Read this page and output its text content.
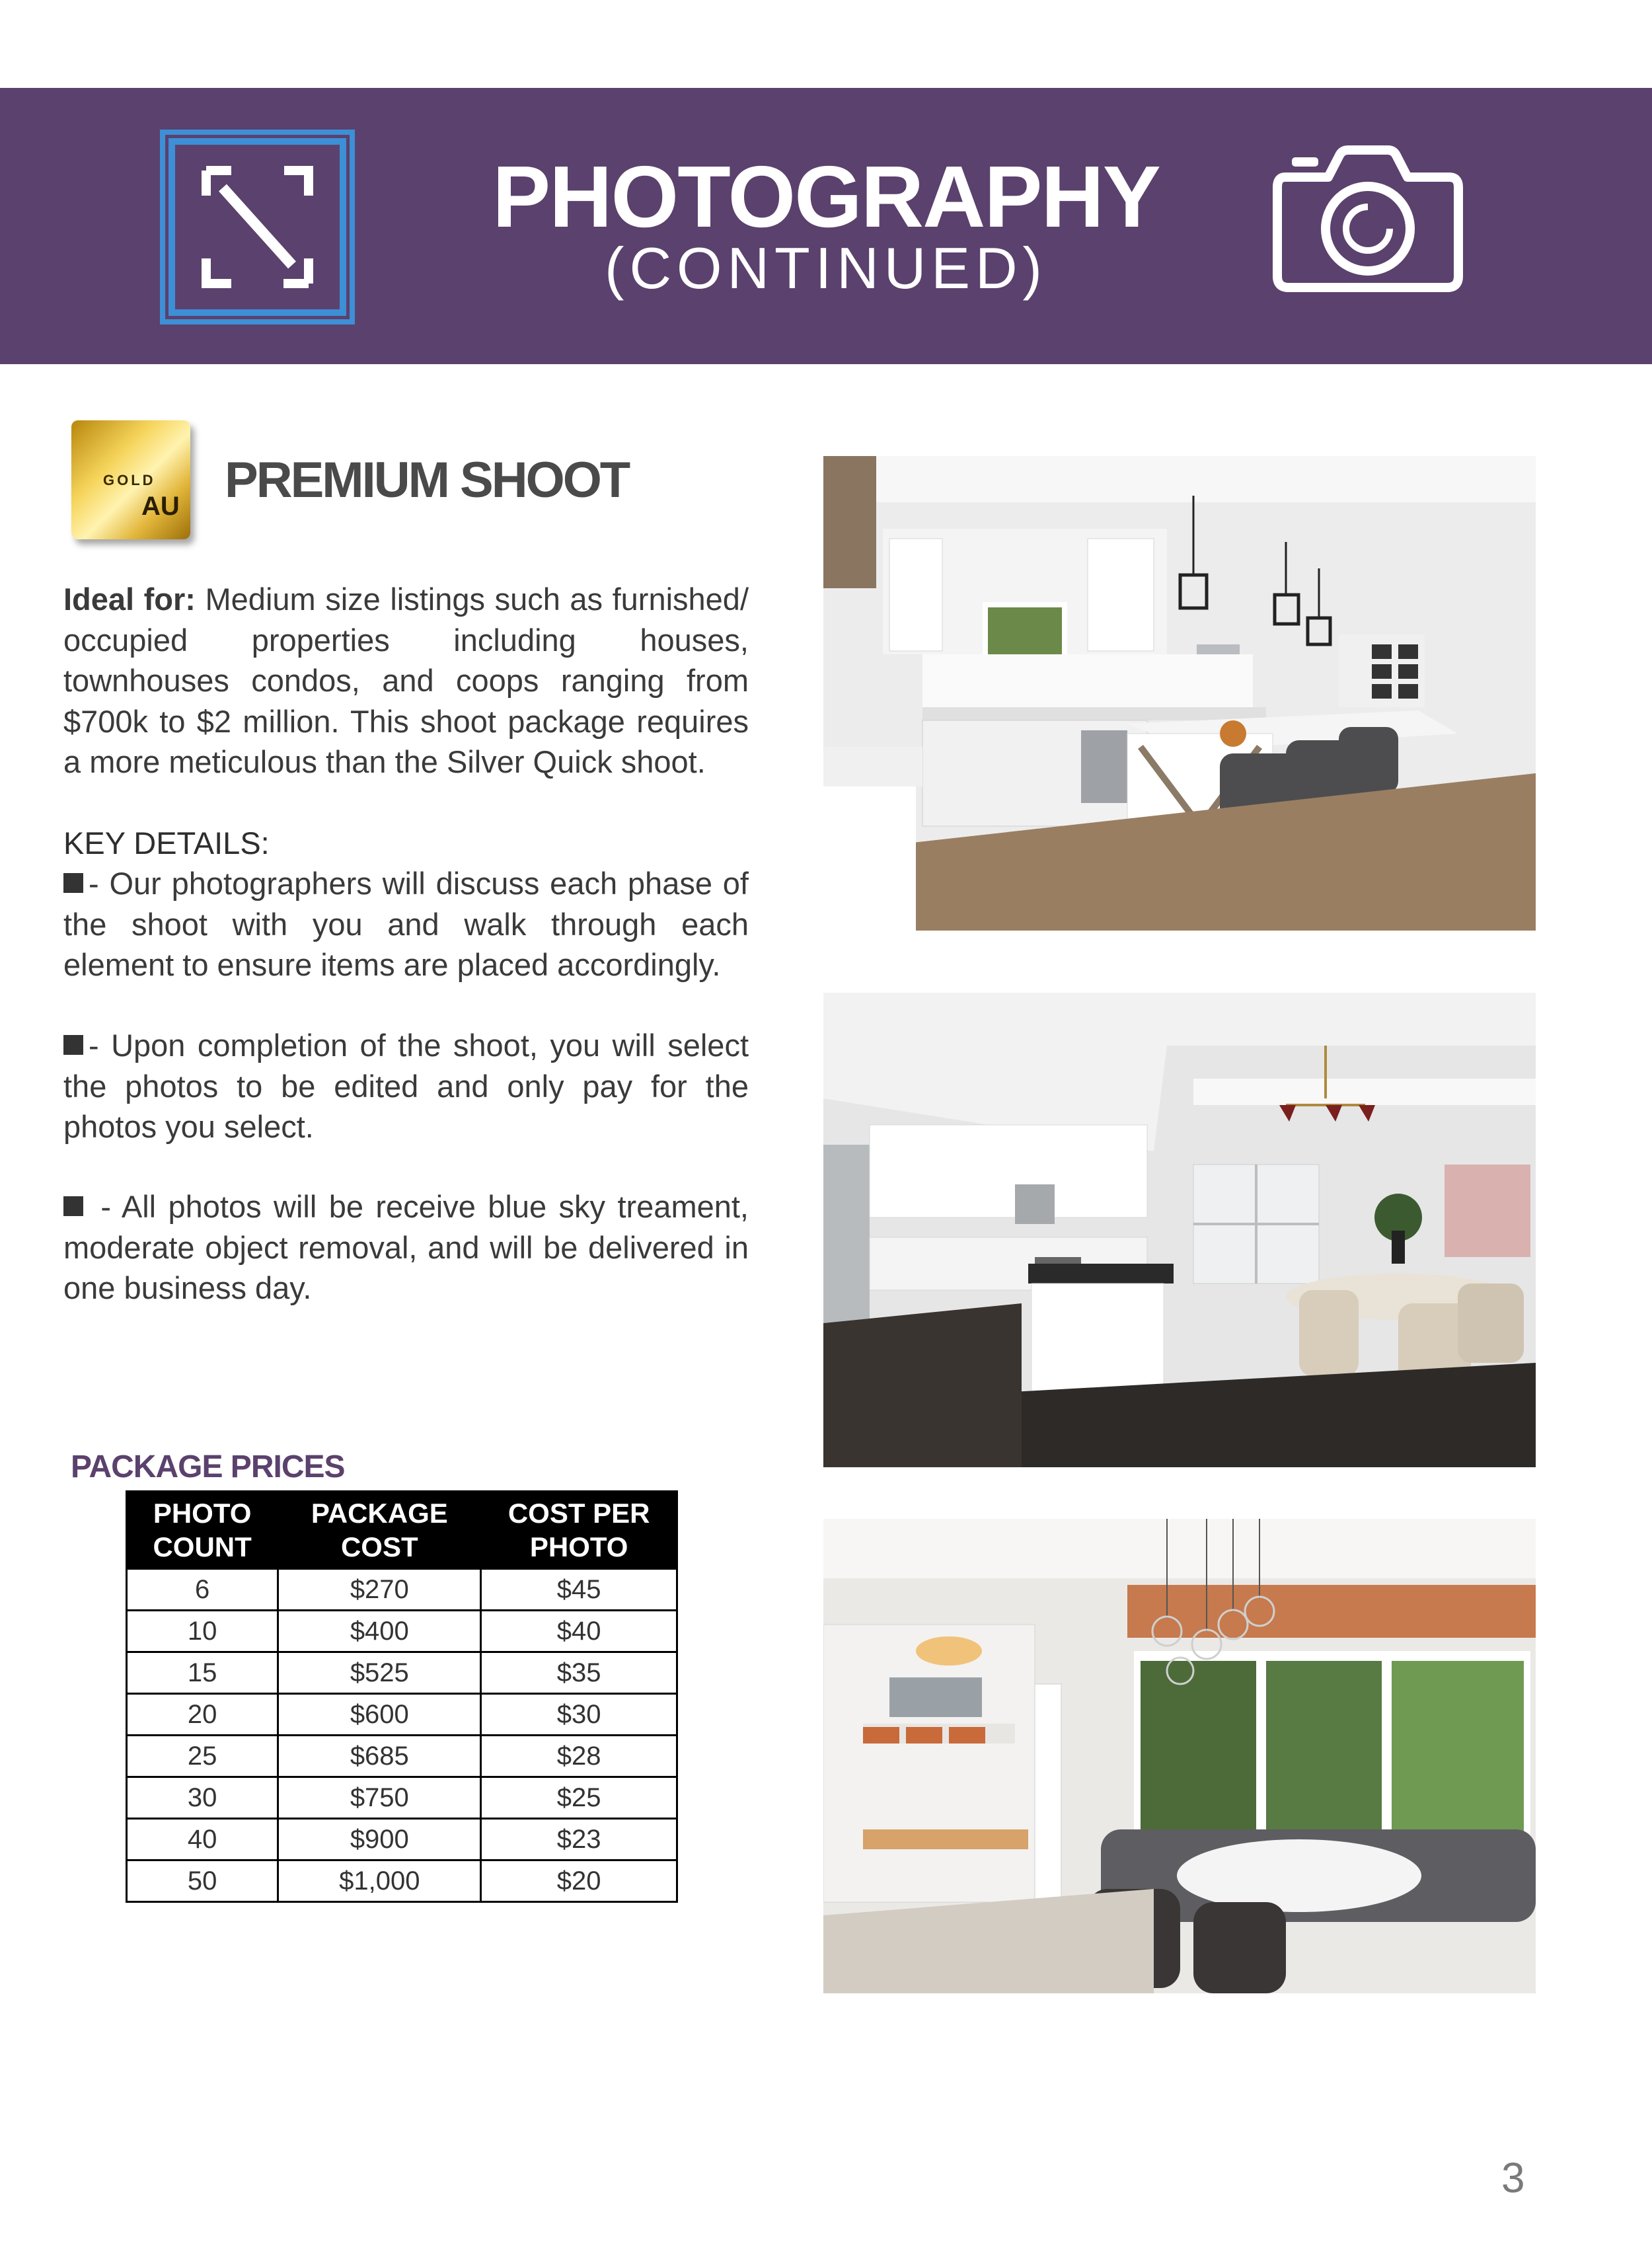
PHOTOGRAPHY
(CONTINUED)
GOLD
AU PREMIUM SHOOT
Ideal for: Medium size listings such as furnished/ occupied properties including houses, townhouses condos, and coops ranging from $700k to $2 million. This shoot package requires a more meticulous than the Silver Quick shoot.
KEY DETAILS:
- Our photographers will discuss each phase of the shoot with you and walk through each element to ensure items are placed accordingly.
- Upon completion of the shoot, you will select the photos to be edited and only pay for the photos you select.
- All photos will be receive blue sky treament, moderate object removal, and will be delivered in one business day.
PACKAGE PRICES
PHOTO COUNT	PACKAGE COST	COST PER PHOTO
6	$270	$45
10	$400	$40
15	$525	$35
20	$600	$30
25	$685	$28
30	$750	$25
40	$900	$23
50	$1,000	$20
3
